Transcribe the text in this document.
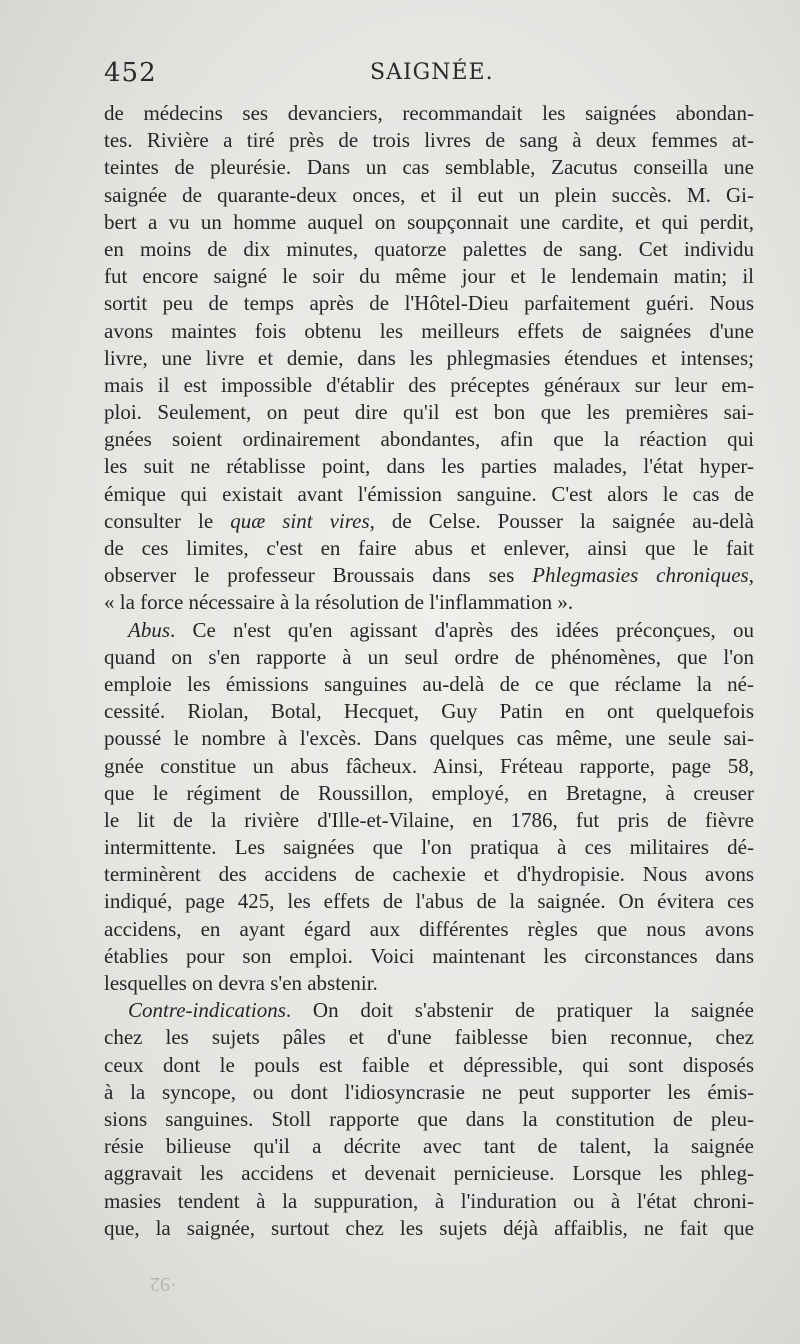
452	SAIGNÉE.
de médecins ses devanciers, recommandait les saignées abondan-
tes. Rivière a tiré près de trois livres de sang à deux femmes at-
teintes de pleurésie. Dans un cas semblable, Zacutus conseilla une
saignée de quarante-deux onces, et il eut un plein succès. M. Gi-
bert a vu un homme auquel on soupçonnait une cardite, et qui perdit,
en moins de dix minutes, quatorze palettes de sang. Cet individu
fut encore saigné le soir du même jour et le lendemain matin; il
sortit peu de temps après de l'Hôtel-Dieu parfaitement guéri. Nous
avons maintes fois obtenu les meilleurs effets de saignées d'une
livre, une livre et demie, dans les phlegmasies étendues et intenses;
mais il est impossible d'établir des préceptes généraux sur leur em-
ploi. Seulement, on peut dire qu'il est bon que les premières sai-
gnées soient ordinairement abondantes, afin que la réaction qui
les suit ne rétablisse point, dans les parties malades, l'état hyper-
émique qui existait avant l'émission sanguine. C'est alors le cas de
consulter le quæ sint vires, de Celse. Pousser la saignée au-delà
de ces limites, c'est en faire abus et enlever, ainsi que le fait
observer le professeur Broussais dans ses Phlegmasies chroniques,
« la force nécessaire à la résolution de l'inflammation ».
Abus. Ce n'est qu'en agissant d'après des idées préconçues, ou
quand on s'en rapporte à un seul ordre de phénomènes, que l'on
emploie les émissions sanguines au-delà de ce que réclame la né-
cessité. Riolan, Botal, Hecquet, Guy Patin en ont quelquefois
poussé le nombre à l'excès. Dans quelques cas même, une seule sai-
gnée constitue un abus fâcheux. Ainsi, Fréteau rapporte, page 58,
que le régiment de Roussillon, employé, en Bretagne, à creuser
le lit de la rivière d'Ille-et-Vilaine, en 1786, fut pris de fièvre
intermittente. Les saignées que l'on pratiqua à ces militaires dé-
terminèrent des accidens de cachexie et d'hydropisie. Nous avons
indiqué, page 425, les effets de l'abus de la saignée. On évitera ces
accidens, en ayant égard aux différentes règles que nous avons
établies pour son emploi. Voici maintenant les circonstances dans
lesquelles on devra s'en abstenir.
Contre-indications. On doit s'abstenir de pratiquer la saignée
chez les sujets pâles et d'une faiblesse bien reconnue, chez
ceux dont le pouls est faible et dépressible, qui sont disposés
à la syncope, ou dont l'idiosyncrasie ne peut supporter les émis-
sions sanguines. Stoll rapporte que dans la constitution de pleu-
résie bilieuse qu'il a décrite avec tant de talent, la saignée
aggravait les accidens et devenait pernicieuse. Lorsque les phleg-
masies tendent à la suppuration, à l'induration ou à l'état chroni-
que, la saignée, surtout chez les sujets déjà affaiblis, ne fait que
·92
